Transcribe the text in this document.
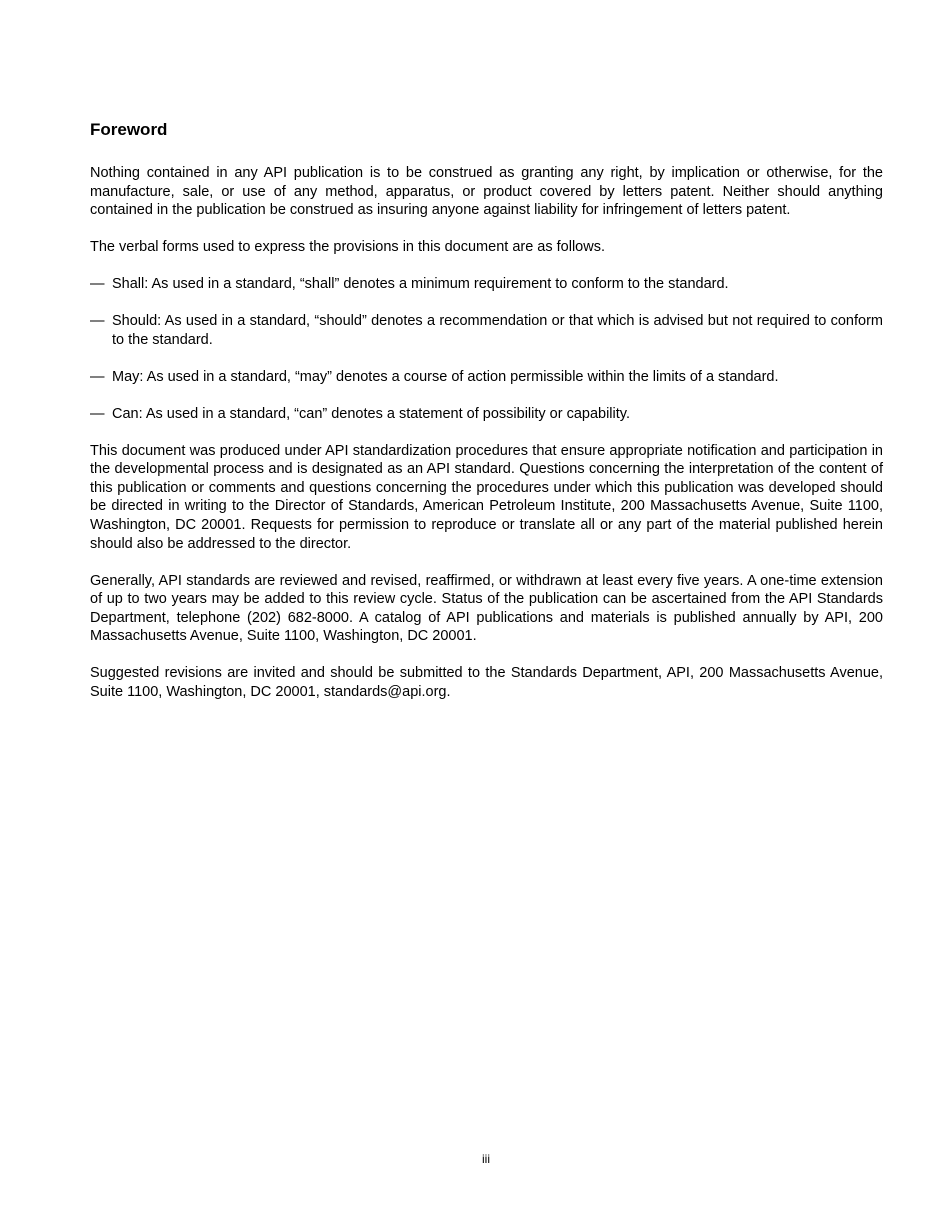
Foreword

Nothing contained in any API publication is to be construed as granting any right, by implication or otherwise, for the manufacture, sale, or use of any method, apparatus, or product covered by letters patent. Neither should anything contained in the publication be construed as insuring anyone against liability for infringement of letters patent.

The verbal forms used to express the provisions in this document are as follows.

— Shall: As used in a standard, “shall” denotes a minimum requirement to conform to the standard.
— Should: As used in a standard, “should” denotes a recommendation or that which is advised but not required to conform to the standard.
— May: As used in a standard, “may” denotes a course of action permissible within the limits of a standard.
— Can: As used in a standard, “can” denotes a statement of possibility or capability.

This document was produced under API standardization procedures that ensure appropriate notification and participation in the developmental process and is designated as an API standard. Questions concerning the interpretation of the content of this publication or comments and questions concerning the procedures under which this publication was developed should be directed in writing to the Director of Standards, American Petroleum Institute, 200 Massachusetts Avenue, Suite 1100, Washington, DC 20001. Requests for permission to reproduce or translate all or any part of the material published herein should also be addressed to the director.

Generally, API standards are reviewed and revised, reaffirmed, or withdrawn at least every five years. A one-time extension of up to two years may be added to this review cycle. Status of the publication can be ascertained from the API Standards Department, telephone (202) 682-8000. A catalog of API publications and materials is published annually by API, 200 Massachusetts Avenue, Suite 1100, Washington, DC 20001.

Suggested revisions are invited and should be submitted to the Standards Department, API, 200 Massachusetts Avenue, Suite 1100, Washington, DC 20001, standards@api.org.

iii
